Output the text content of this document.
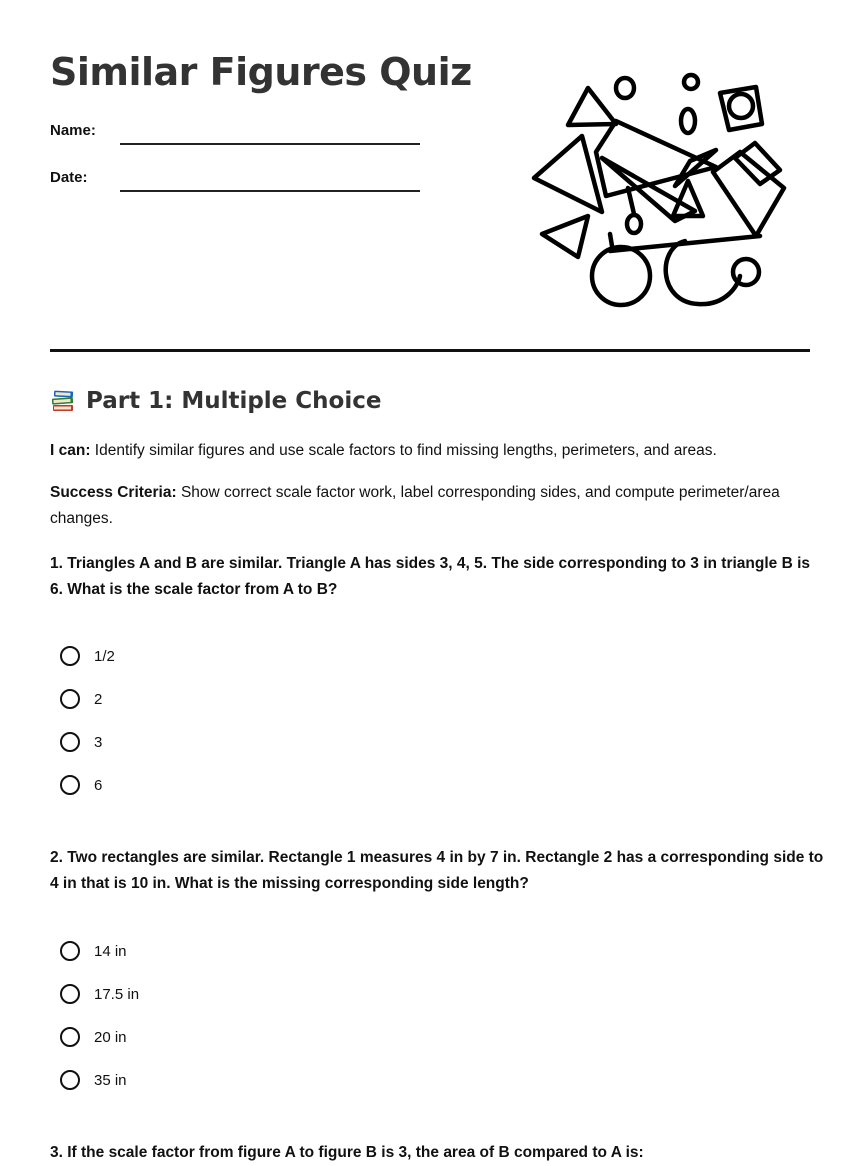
Similar Figures Quiz
Name:
Date:
Part 1: Multiple Choice

I can: Identify similar figures and use scale factors to find missing lengths, perimeters, and areas.

Success Criteria: Show correct scale factor work, label corresponding sides, and compute perimeter/area changes.

1. Triangles A and B are similar. Triangle A has sides 3, 4, 5. The side corresponding to 3 in triangle B is 6. What is the scale factor from A to B?

1/2
2
3
6

2. Two rectangles are similar. Rectangle 1 measures 4 in by 7 in. Rectangle 2 has a corresponding side to 4 in that is 10 in. What is the missing corresponding side length?

14 in
17.5 in
20 in
35 in

3. If the scale factor from figure A to figure B is 3, the area of B compared to A is:
